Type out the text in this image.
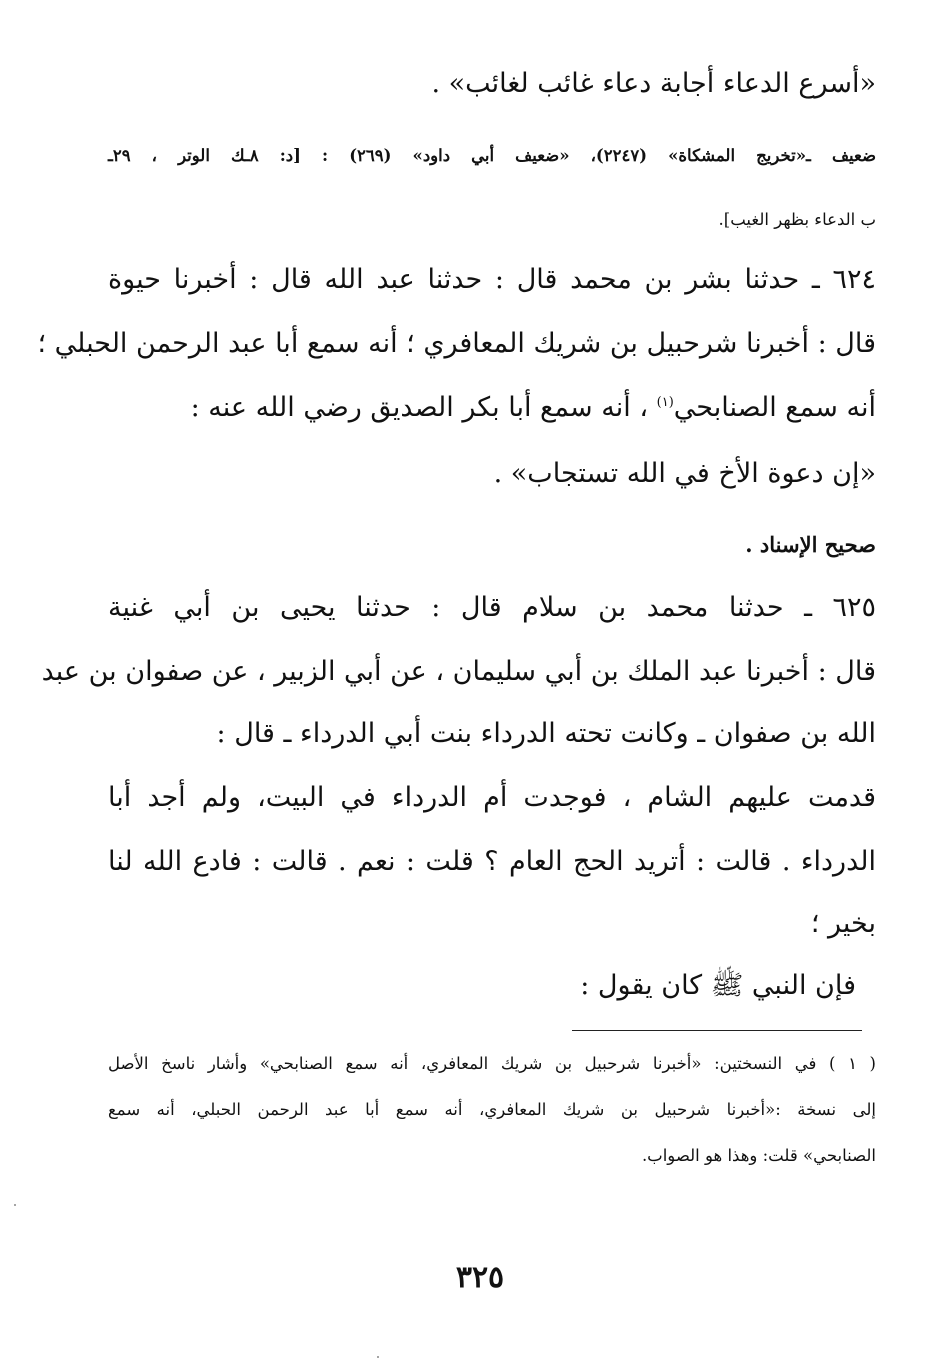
«أسرع الدعاء أجابة دعاء غائب لغائب» .
ضعيف ـ«تخريج المشكاة» (٢٢٤٧)، «ضعيف أبي داود» (٢٦٩) : [د: ٨ـك الوتر ، ٢٩ـ
ب الدعاء بظهر الغيب].
٦٢٤ ـ حدثنا بشر بن محمد قال : حدثنا عبد الله قال : أخبرنا حيوة
قال : أخبرنا شرحبيل بن شريك المعافري ؛ أنه سمع أبا عبد الرحمن الحبلي ؛
أنه سمع الصنابحي$^{(١)}$ ، أنه سمع أبا بكر الصديق رضي الله عنه :
«إن دعوة الأخ في الله تستجاب» .
صحيح الإسناد .
٦٢٥ ـ حدثنا محمد بن سلام قال : حدثنا يحيى بن أبي غنية
قال : أخبرنا عبد الملك بن أبي سليمان ، عن أبي الزبير ، عن صفوان بن عبد
الله بن صفوان ـ وكانت تحته الدرداء بنت أبي الدرداء ـ قال :
قدمت عليهم الشام ، فوجدت أم الدرداء في البيت، ولم أجد أبا
الدرداء . قالت : أتريد الحج العام ؟ قلت : نعم . قالت : فادع الله لنا
بخير ؛
فإن النبي ﷺ كان يقول :
( ١ ) في النسختين: «أخبرنا شرحبيل بن شريك المعافري، أنه سمع الصنابحي» وأشار ناسخ الأصل
إلى نسخة :«أخبرنا شرحبيل بن شريك المعافري، أنه سمع أبا عبد الرحمن الحبلي، أنه سمع
الصنابحي» قلت: وهذا هو الصواب.
٣٢٥
